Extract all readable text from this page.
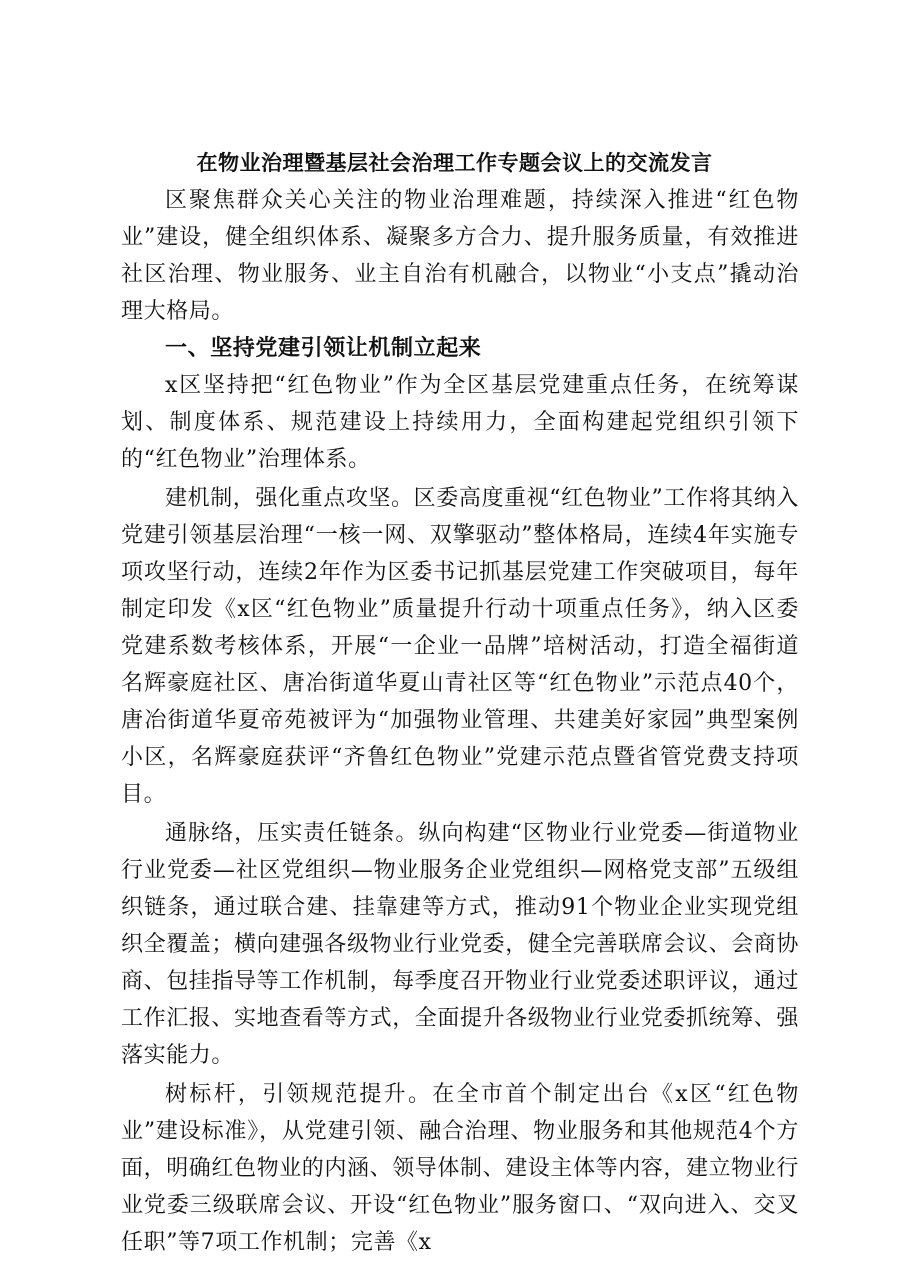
在物业治理暨基层社会治理工作专题会议上的交流发言

区聚焦群众关心关注的物业治理难题，持续深入推进“红色物业”建设，健全组织体系、凝聚多方合力、提升服务质量，有效推进社区治理、物业服务、业主自治有机融合，以物业“小支点”撬动治理大格局。

一、坚持党建引领让机制立起来

x区坚持把“红色物业”作为全区基层党建重点任务，在统筹谋划、制度体系、规范建设上持续用力，全面构建起党组织引领下的“红色物业”治理体系。

建机制，强化重点攻坚。区委高度重视“红色物业”工作将其纳入党建引领基层治理“一核一网、双擎驱动”整体格局，连续4年实施专项攻坚行动，连续2年作为区委书记抓基层党建工作突破项目，每年制定印发《x区“红色物业”质量提升行动十项重点任务》，纳入区委党建系数考核体系，开展“一企业一品牌”培树活动，打造全福街道名辉豪庭社区、唐冶街道华夏山青社区等“红色物业”示范点40个，唐冶街道华夏帝苑被评为“加强物业管理、共建美好家园”典型案例小区，名辉豪庭获评“齐鲁红色物业”党建示范点暨省管党费支持项目。

通脉络，压实责任链条。纵向构建“区物业行业党委—街道物业行业党委—社区党组织—物业服务企业党组织—网格党支部”五级组织链条，通过联合建、挂靠建等方式，推动91个物业企业实现党组织全覆盖；横向建强各级物业行业党委，健全完善联席会议、会商协商、包挂指导等工作机制，每季度召开物业行业党委述职评议，通过工作汇报、实地查看等方式，全面提升各级物业行业党委抓统筹、强落实能力。

树标杆，引领规范提升。在全市首个制定出台《x区“红色物业”建设标准》，从党建引领、融合治理、物业服务和其他规范4个方面，明确红色物业的内涵、领导体制、建设主体等内容，建立物业行业党委三级联席会议、开设“红色物业”服务窗口、“双向进入、交叉任职”等7项工作机制；完善《x
